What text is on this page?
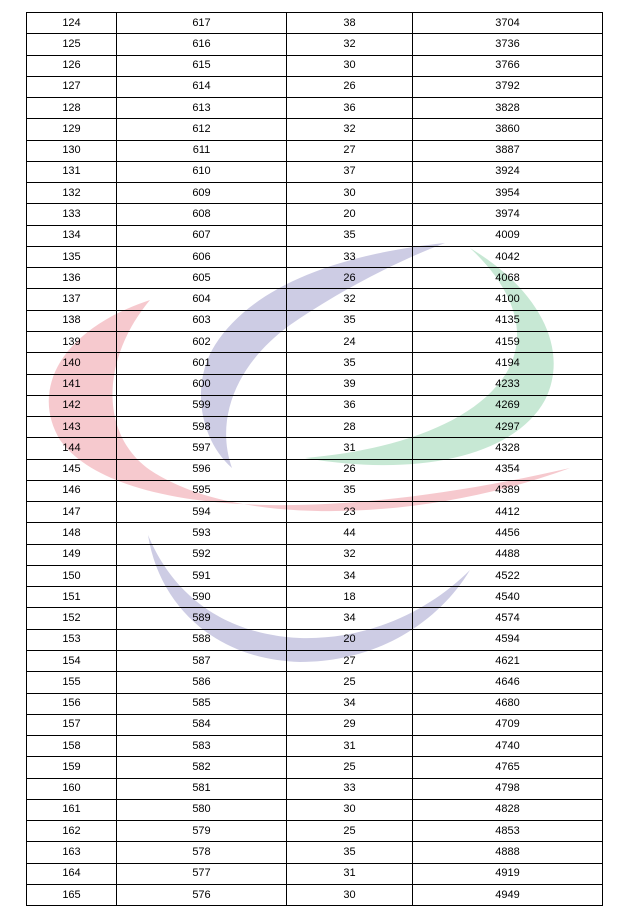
124	617	38	3704
125	616	32	3736
126	615	30	3766
127	614	26	3792
128	613	36	3828
129	612	32	3860
130	611	27	3887
131	610	37	3924
132	609	30	3954
133	608	20	3974
134	607	35	4009
135	606	33	4042
136	605	26	4068
137	604	32	4100
138	603	35	4135
139	602	24	4159
140	601	35	4194
141	600	39	4233
142	599	36	4269
143	598	28	4297
144	597	31	4328
145	596	26	4354
146	595	35	4389
147	594	23	4412
148	593	44	4456
149	592	32	4488
150	591	34	4522
151	590	18	4540
152	589	34	4574
153	588	20	4594
154	587	27	4621
155	586	25	4646
156	585	34	4680
157	584	29	4709
158	583	31	4740
159	582	25	4765
160	581	33	4798
161	580	30	4828
162	579	25	4853
163	578	35	4888
164	577	31	4919
165	576	30	4949
